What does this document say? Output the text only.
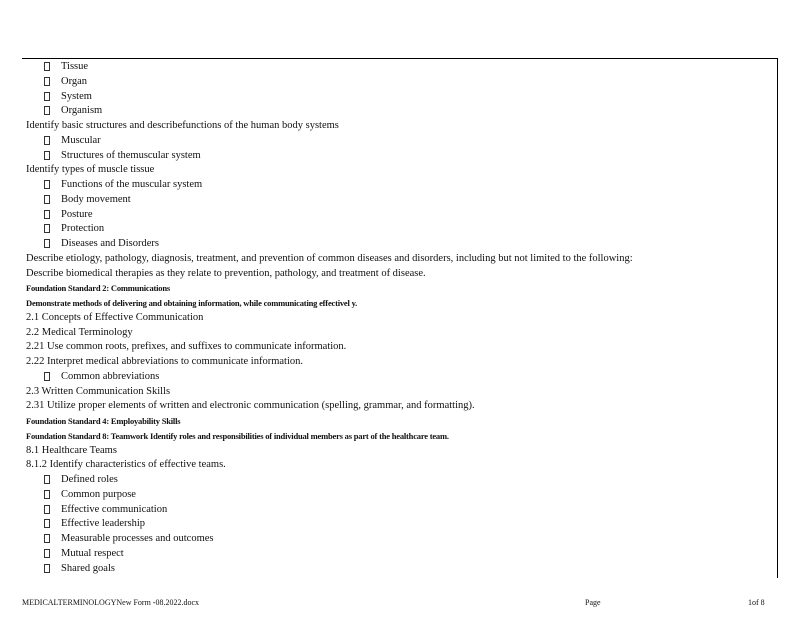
Tissue
Organ
System
Organism
Identify basic structures and describefunctions of the human body systems
Muscular
Structures of themuscular system
Identify types of muscle tissue
Functions of the muscular system
Body movement
Posture
Protection
Diseases and Disorders
Describe etiology, pathology, diagnosis, treatment, and prevention of common diseases and disorders, including but not limited to the following:
Describe biomedical therapies as they relate to prevention, pathology, and treatment of disease.
Foundation Standard 2: Communications
Demonstrate methods of delivering and obtaining information, while communicating effectivel y.
2.1 Concepts of Effective Communication
2.2 Medical Terminology
2.21 Use common roots, prefixes, and suffixes to communicate information.
2.22 Interpret medical abbreviations to communicate information.
Common abbreviations
2.3 Written Communication Skills
2.31 Utilize proper elements of written and electronic communication (spelling, grammar, and formatting).
Foundation Standard 4: Employability Skills
Foundation Standard 8: Teamwork Identify roles and responsibilities of individual members as part of the healthcare team.
8.1 Healthcare Teams
8.1.2 Identify characteristics of effective teams.
Defined roles
Common purpose
Effective communication
Effective leadership
Measurable processes and outcomes
Mutual respect
Shared goals
MEDICALTERMINOLOGYNew Form -08.2022.docx	Page	1of 8
